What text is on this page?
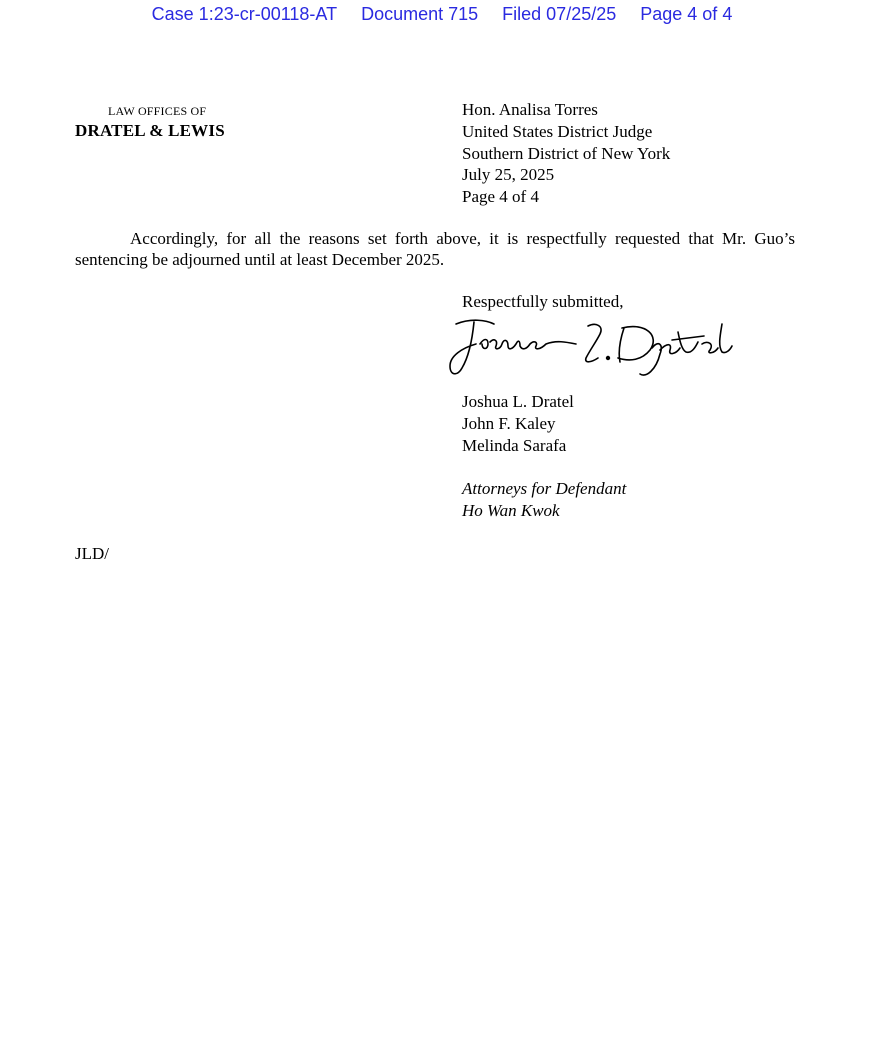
Case 1:23-cr-00118-AT Document 715 Filed 07/25/25 Page 4 of 4
LAW OFFICES OF
DRATEL & LEWIS
Hon. Analisa Torres
United States District Judge
Southern District of New York
July 25, 2025
Page 4 of 4
Accordingly, for all the reasons set forth above, it is respectfully requested that Mr. Guo’s sentencing be adjourned until at least December 2025.
Respectfully submitted,
Joshua L. Dratel
John F. Kaley
Melinda Sarafa
Attorneys for Defendant
Ho Wan Kwok
JLD/
